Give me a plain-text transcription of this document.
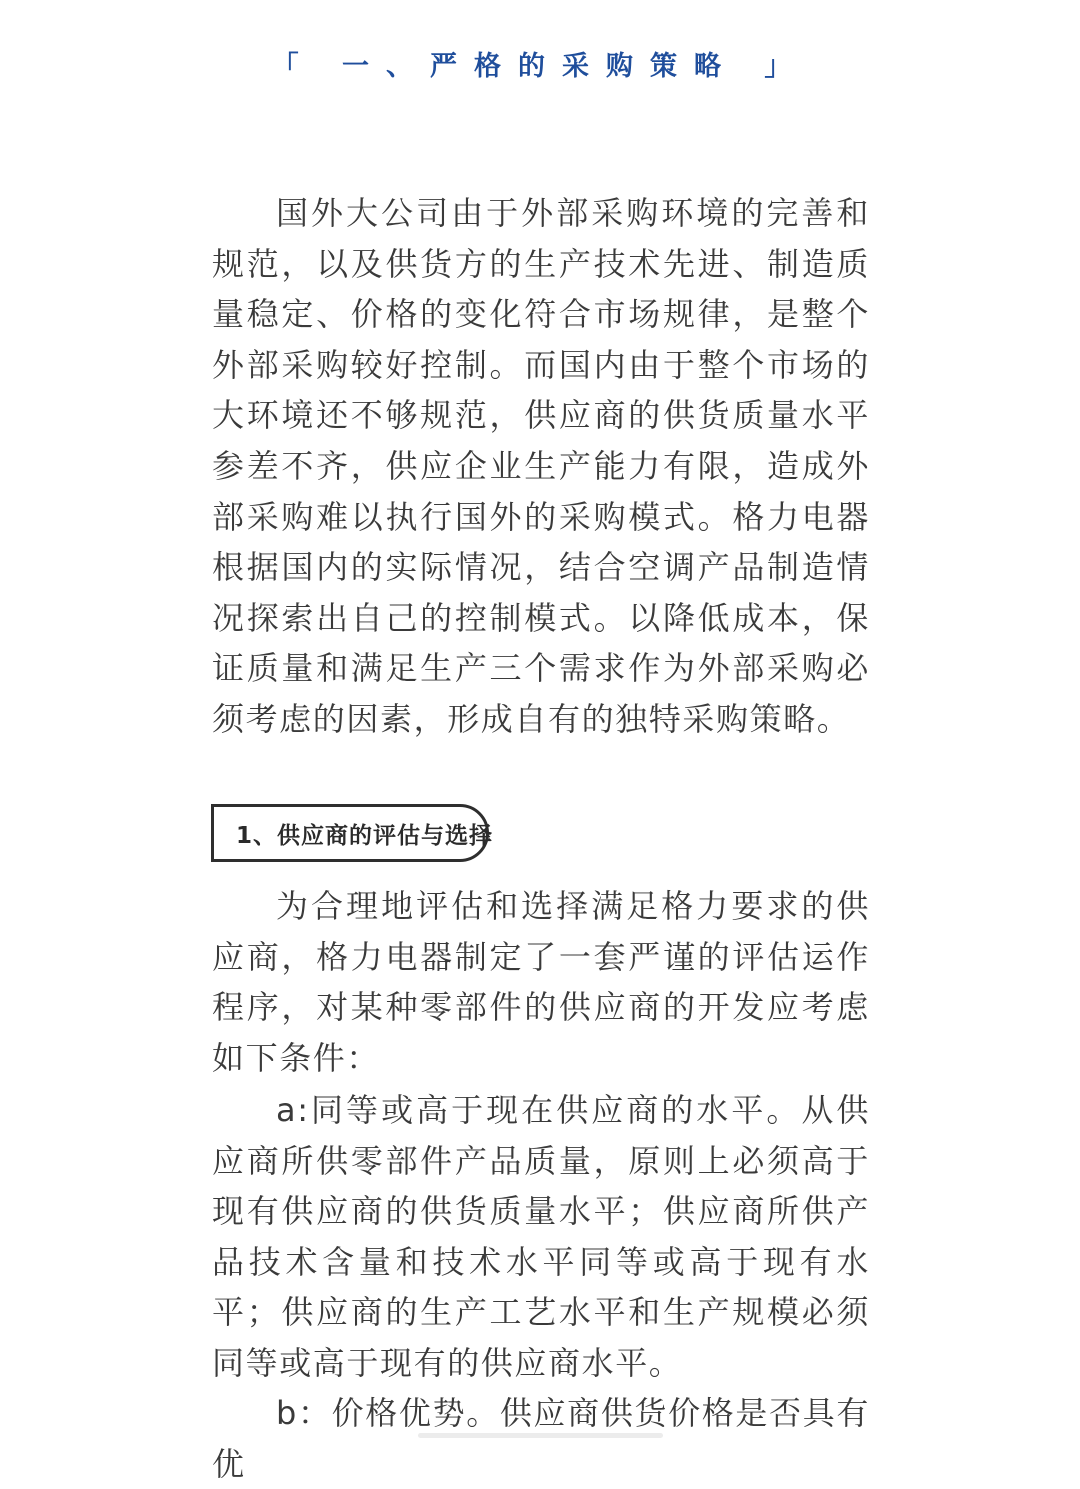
「 一、严格的采购策略 」

国外大公司由于外部采购环境的完善和规范，以及供货方的生产技术先进、制造质量稳定、价格的变化符合市场规律，是整个外部采购较好控制。而国内由于整个市场的大环境还不够规范，供应商的供货质量水平参差不齐，供应企业生产能力有限，造成外部采购难以执行国外的采购模式。格力电器根据国内的实际情况，结合空调产品制造情况探索出自己的控制模式。以降低成本，保证质量和满足生产三个需求作为外部采购必须考虑的因素，形成自有的独特采购策略。

1、供应商的评估与选择

为合理地评估和选择满足格力要求的供应商，格力电器制定了一套严谨的评估运作程序，对某种零部件的供应商的开发应考虑如下条件：

a:同等或高于现在供应商的水平。从供应商所供零部件产品质量，原则上必须高于现有供应商的供货质量水平；供应商所供产品技术含量和技术水平同等或高于现有水平；供应商的生产工艺水平和生产规模必须同等或高于现有的供应商水平。

b：价格优势。供应商供货价格是否具有优
